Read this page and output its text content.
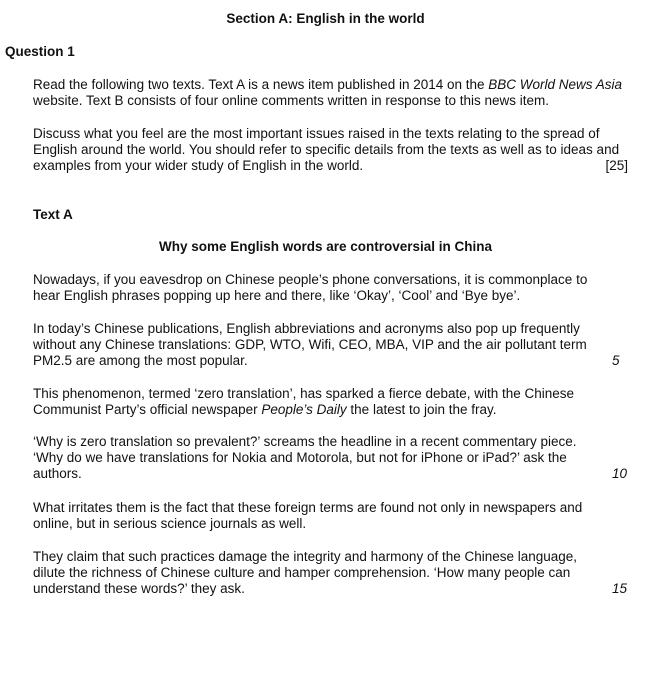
Section A: English in the world
Question 1

Read the following two texts. Text A is a news item published in 2014 on the BBC World News Asia website. Text B consists of four online comments written in response to this news item.

Discuss what you feel are the most important issues raised in the texts relating to the spread of English around the world. You should refer to specific details from the texts as well as to ideas and examples from your wider study of English in the world.	[25]
Text A
Why some English words are controversial in China

Nowadays, if you eavesdrop on Chinese people’s phone conversations, it is commonplace to hear English phrases popping up here and there, like ‘Okay’, ‘Cool’ and ‘Bye bye’.

In today’s Chinese publications, English abbreviations and acronyms also pop up frequently without any Chinese translations: GDP, WTO, Wifi, CEO, MBA, VIP and the air pollutant term PM2.5 are among the most popular.	5

This phenomenon, termed ‘zero translation’, has sparked a fierce debate, with the Chinese Communist Party’s official newspaper People’s Daily the latest to join the fray.

‘Why is zero translation so prevalent?’ screams the headline in a recent commentary piece. ‘Why do we have translations for Nokia and Motorola, but not for iPhone or iPad?’ ask the authors.	10

What irritates them is the fact that these foreign terms are found not only in newspapers and online, but in serious science journals as well.

They claim that such practices damage the integrity and harmony of the Chinese language, dilute the richness of Chinese culture and hamper comprehension. ‘How many people can understand these words?’ they ask.	15
